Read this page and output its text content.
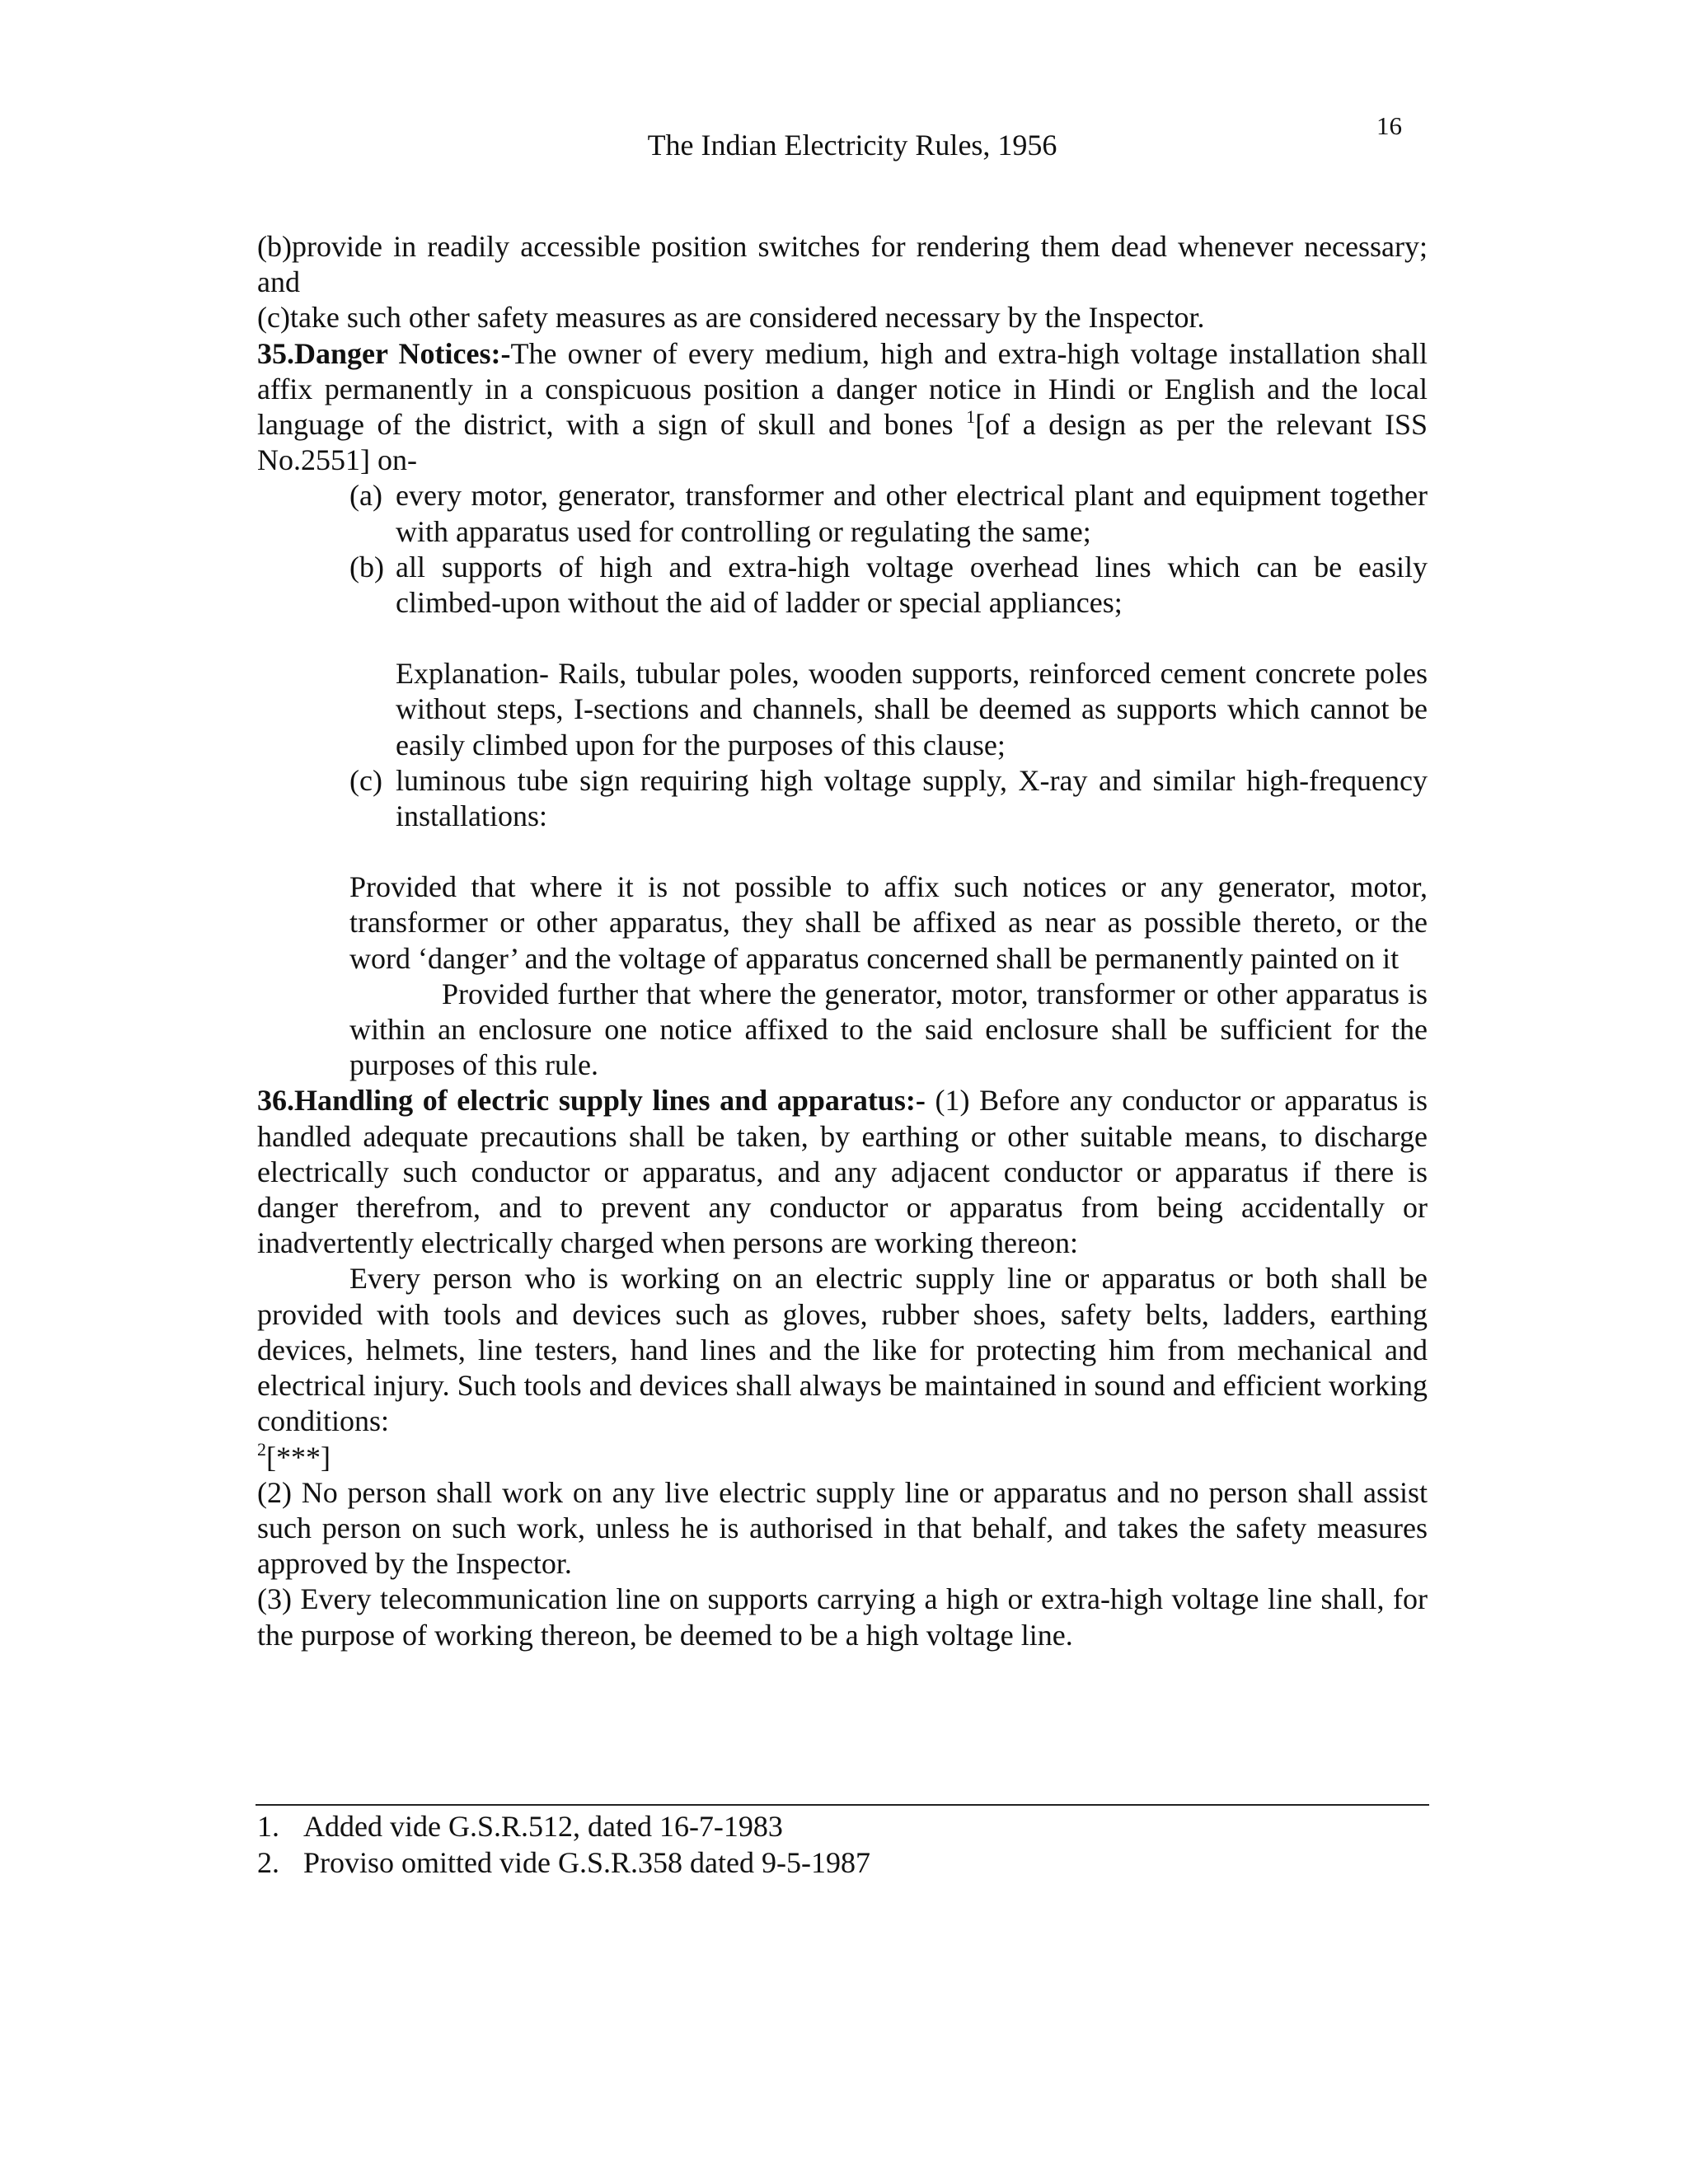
16
The Indian Electricity Rules, 1956

(b)provide in readily accessible position switches for rendering them dead whenever necessary; and

(c)take such other safety measures as are considered necessary by the Inspector.

35.Danger Notices:-The owner of every medium, high and extra-high voltage installation shall affix permanently in a conspicuous position a danger notice in Hindi or English and the local language of the district, with a sign of skull and bones $^1$[of a design as per the relevant ISS No.2551] on-

(a) every motor, generator, transformer and other electrical plant and equipment together with apparatus used for controlling or regulating the same;

(b) all supports of high and extra-high voltage overhead lines which can be easily climbed-upon without the aid of ladder or special appliances;

Explanation- Rails, tubular poles, wooden supports, reinforced cement concrete poles without steps, I-sections and channels, shall be deemed as supports which cannot be easily climbed upon for the purposes of this clause;

(c) luminous tube sign requiring high voltage supply, X-ray and similar high-frequency installations:

Provided that where it is not possible to affix such notices or any generator, motor, transformer or other apparatus, they shall be affixed as near as possible thereto, or the word ‘danger’ and the voltage of apparatus concerned shall be permanently painted on it

Provided further that where the generator, motor, transformer or other apparatus is within an enclosure one notice affixed to the said enclosure shall be sufficient for the purposes of this rule.

36.Handling of electric supply lines and apparatus:- (1) Before any conductor or apparatus is handled adequate precautions shall be taken, by earthing or other suitable means, to discharge electrically such conductor or apparatus, and any adjacent conductor or apparatus if there is danger therefrom, and to prevent any conductor or apparatus from being accidentally or inadvertently electrically charged when persons are working thereon:

Every person who is working on an electric supply line or apparatus or both shall be provided with tools and devices such as gloves, rubber shoes, safety belts, ladders, earthing devices, helmets, line testers, hand lines and the like for protecting him from mechanical and electrical injury. Such tools and devices shall always be maintained in sound and efficient working conditions:

$^2$[***]

(2) No person shall work on any live electric supply line or apparatus and no person shall assist such person on such work, unless he is authorised in that behalf, and takes the safety measures approved by the Inspector.

(3) Every telecommunication line on supports carrying a high or extra-high voltage line shall, for the purpose of working thereon, be deemed to be a high voltage line.

1. Added vide G.S.R.512, dated 16-7-1983
2. Proviso omitted vide G.S.R.358 dated 9-5-1987
